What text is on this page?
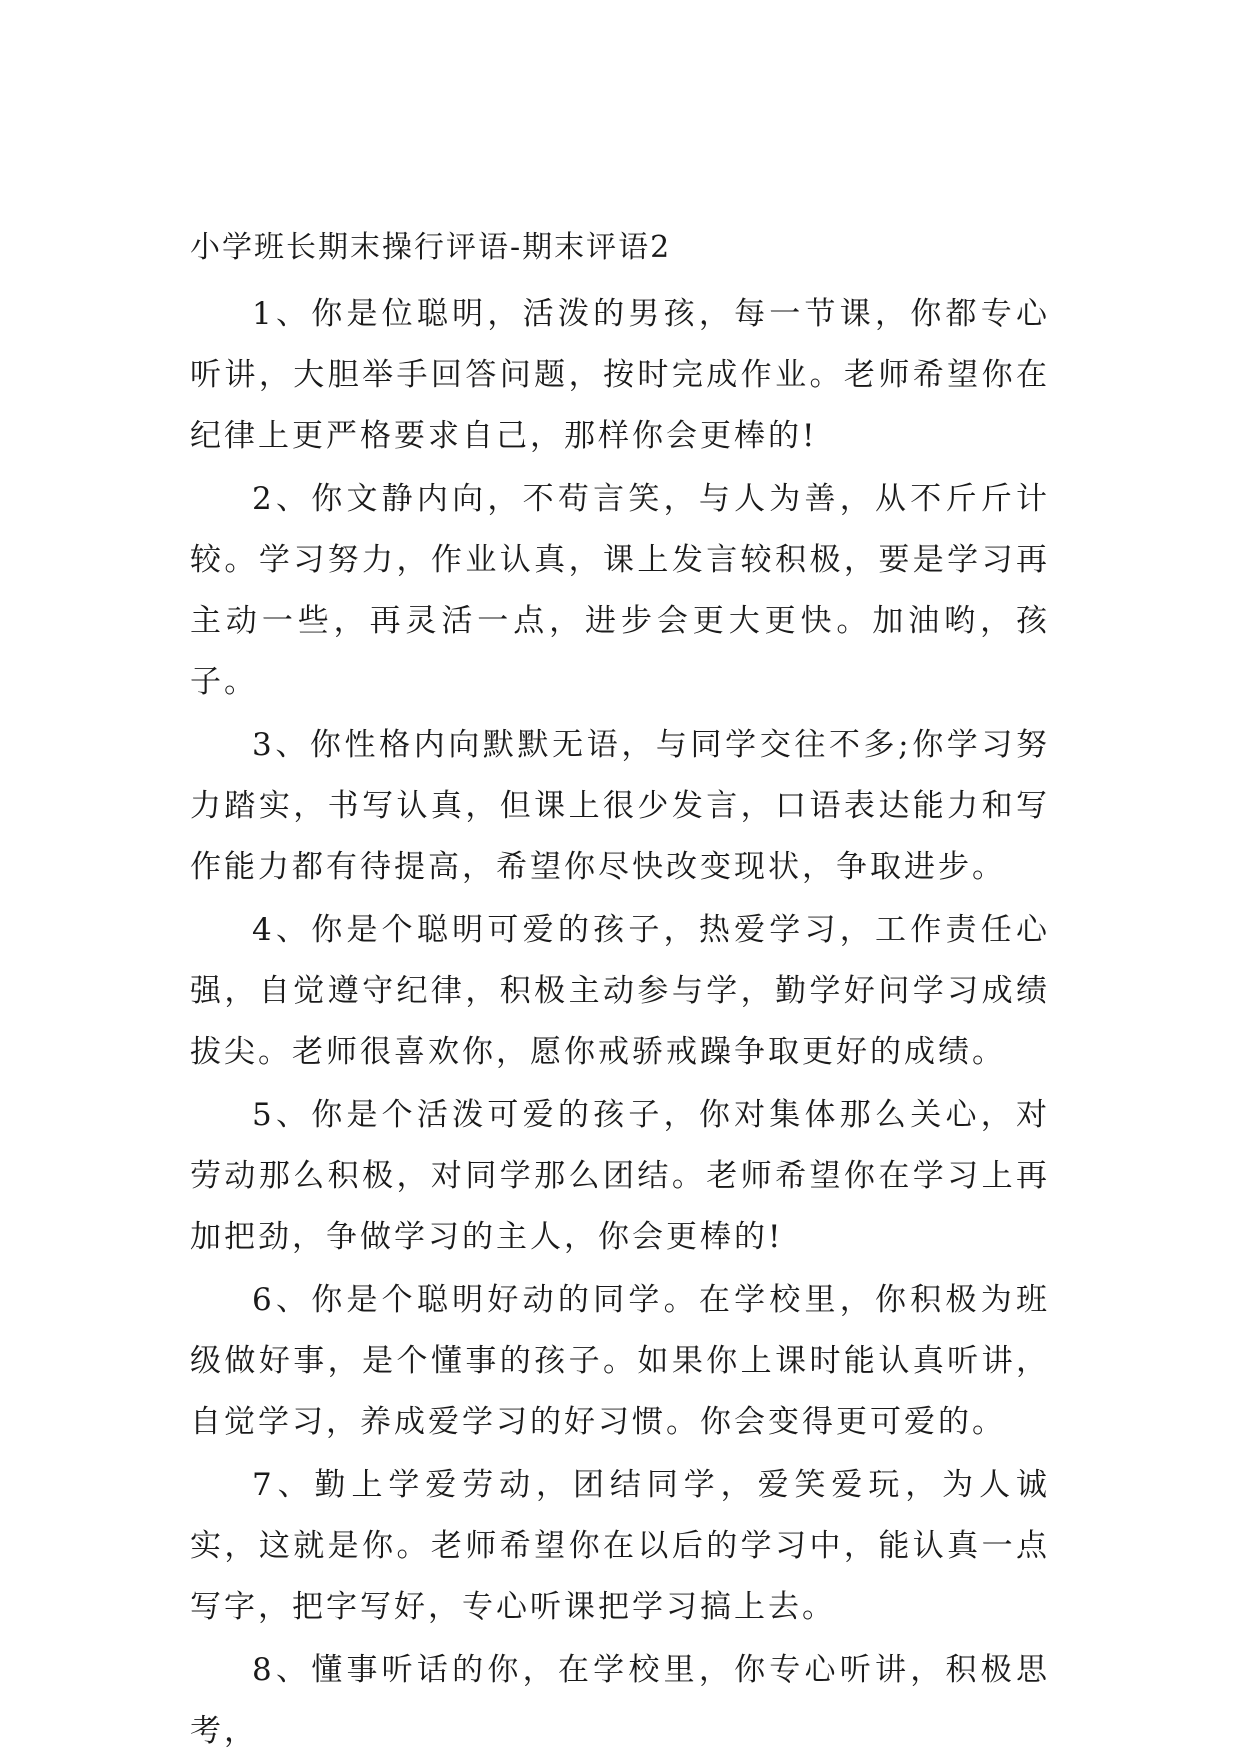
小学班长期末操行评语-期末评语2

1、你是位聪明，活泼的男孩，每一节课，你都专心听讲，大胆举手回答问题，按时完成作业。老师希望你在纪律上更严格要求自己，那样你会更棒的!

2、你文静内向，不苟言笑，与人为善，从不斤斤计较。学习努力，作业认真，课上发言较积极，要是学习再主动一些，再灵活一点，进步会更大更快。加油哟，孩子。

3、你性格内向默默无语，与同学交往不多;你学习努力踏实，书写认真，但课上很少发言，口语表达能力和写作能力都有待提高，希望你尽快改变现状，争取进步。

4、你是个聪明可爱的孩子，热爱学习，工作责任心强，自觉遵守纪律，积极主动参与学，勤学好问学习成绩拔尖。老师很喜欢你，愿你戒骄戒躁争取更好的成绩。

5、你是个活泼可爱的孩子，你对集体那么关心，对劳动那么积极，对同学那么团结。老师希望你在学习上再加把劲，争做学习的主人，你会更棒的!

6、你是个聪明好动的同学。在学校里，你积极为班级做好事，是个懂事的孩子。如果你上课时能认真听讲，自觉学习，养成爱学习的好习惯。你会变得更可爱的。

7、勤上学爱劳动，团结同学，爱笑爱玩，为人诚实，这就是你。老师希望你在以后的学习中，能认真一点写字，把字写好，专心听课把学习搞上去。

8、懂事听话的你，在学校里，你专心听讲，积极思考，
